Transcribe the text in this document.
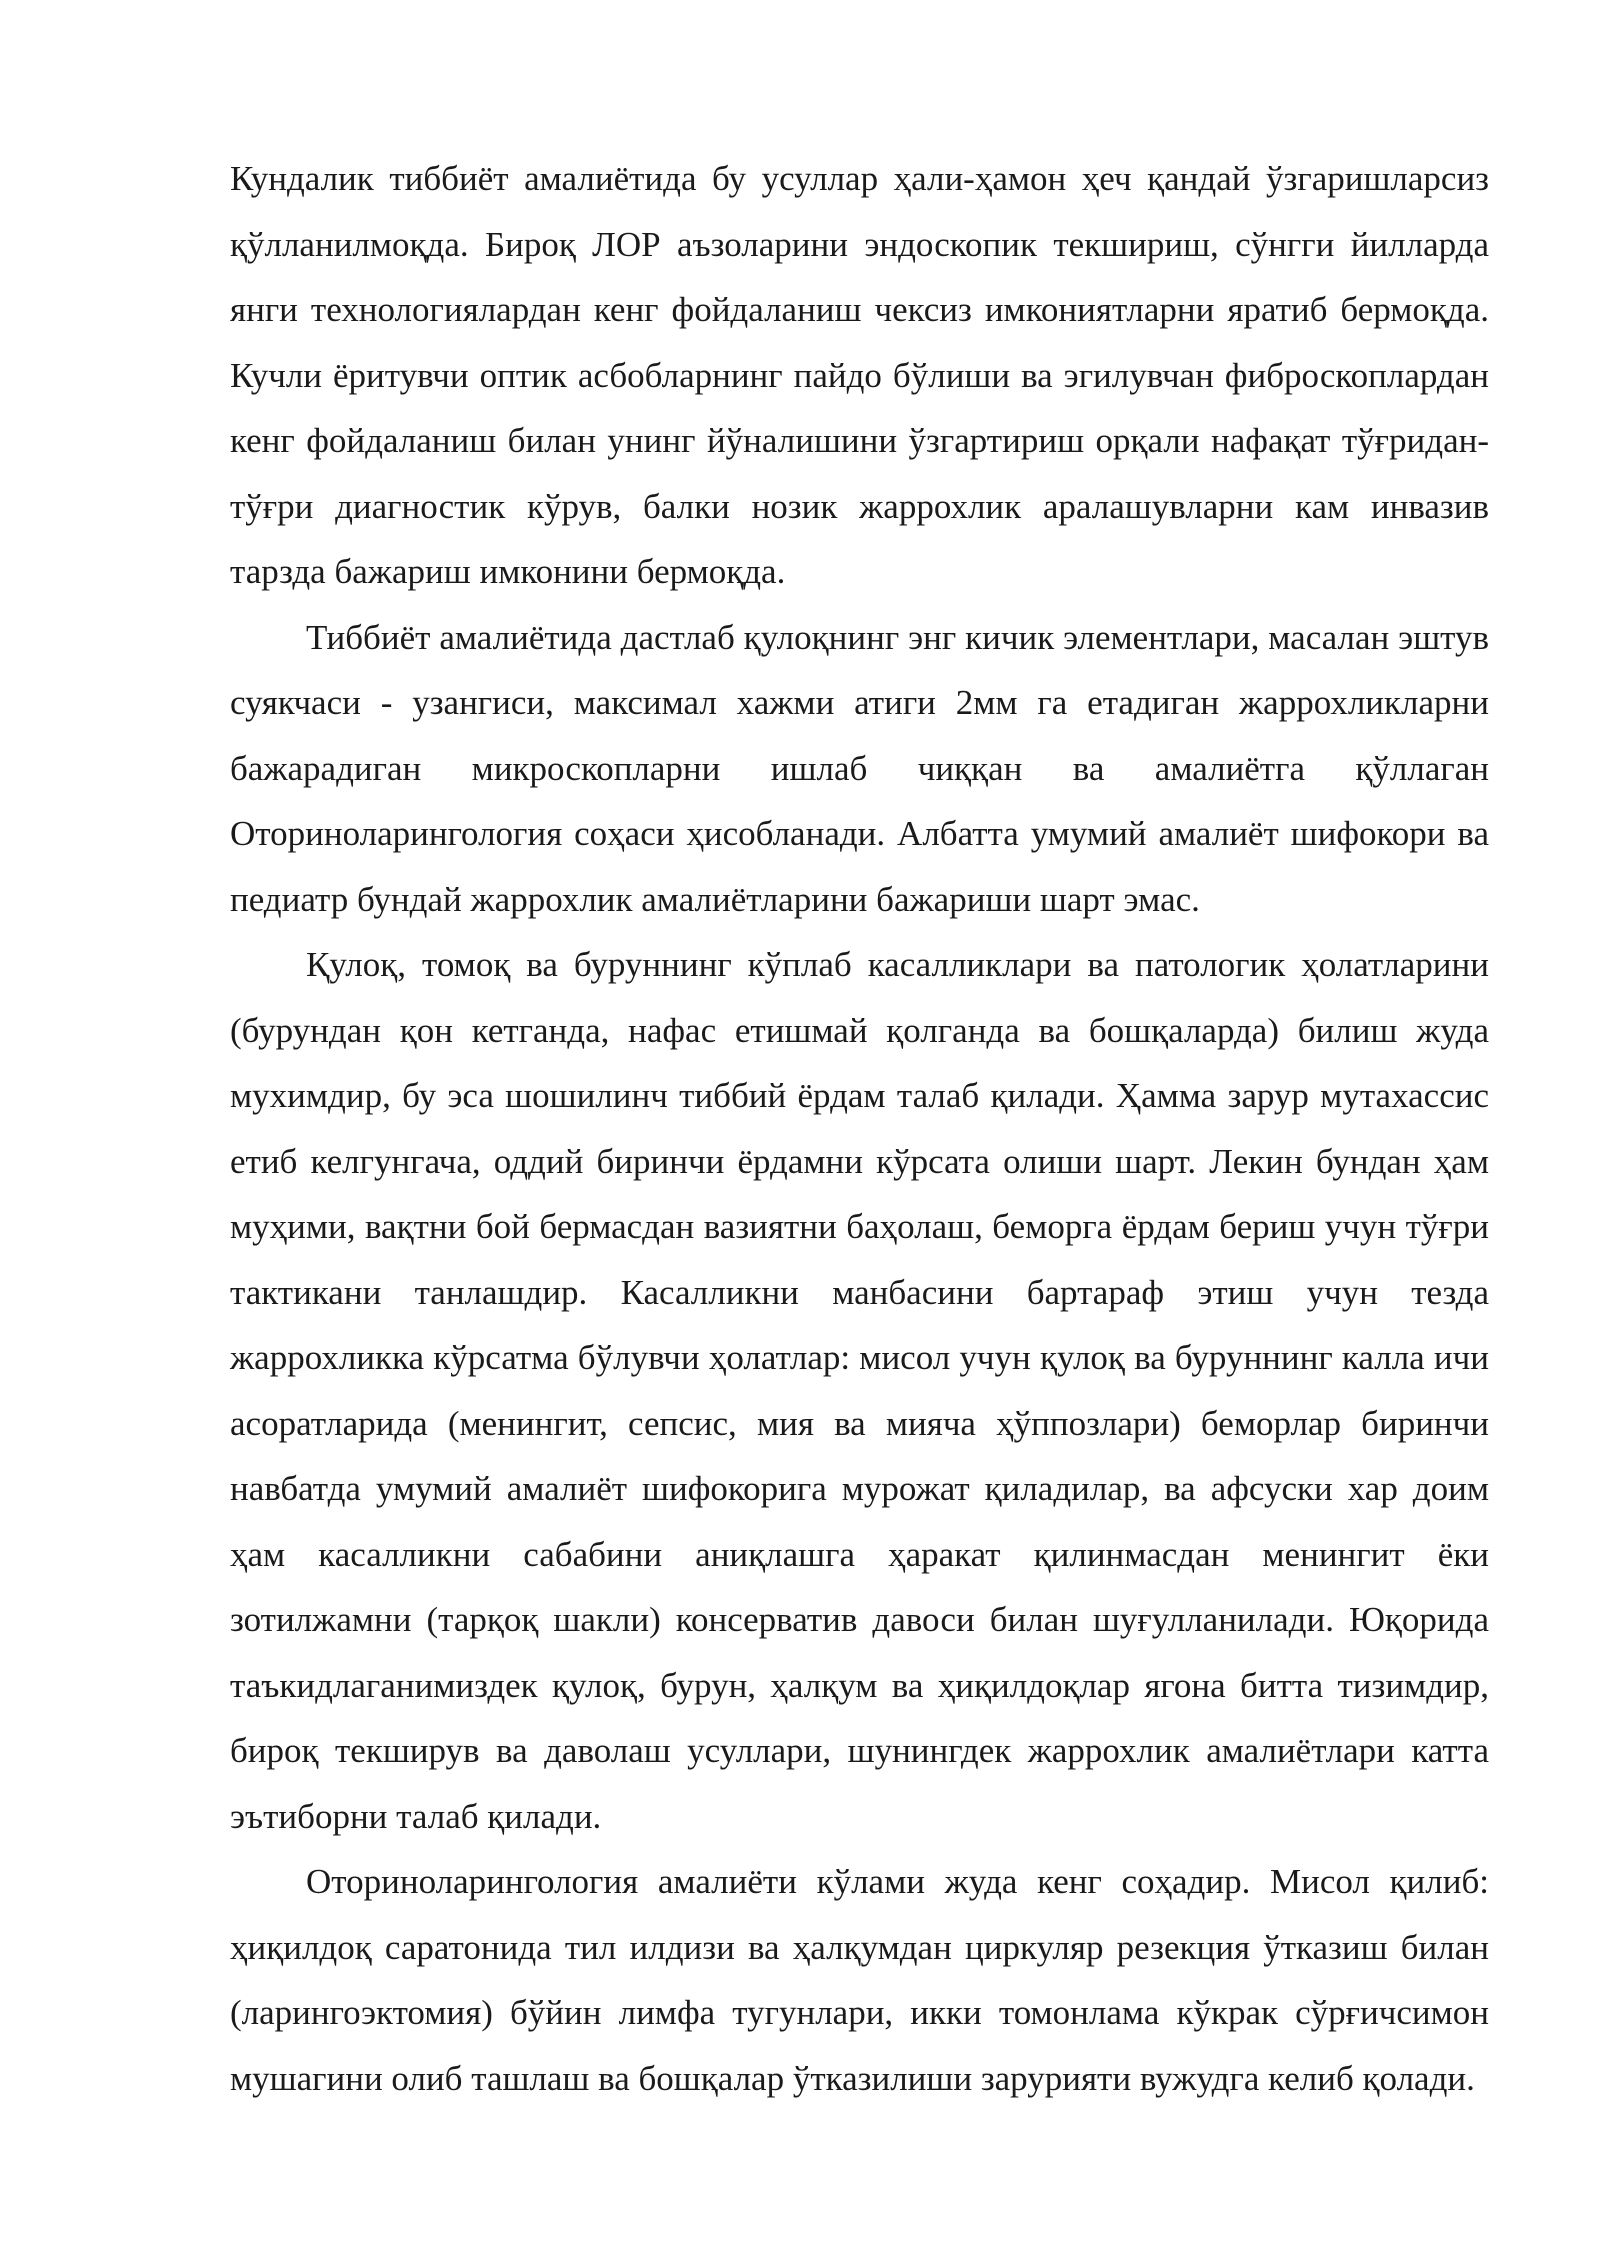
Кундалик тиббиёт амалиётида бу усуллар ҳали-ҳамон ҳеч қандай ўзгаришларсиз қўлланилмоқда. Бироқ ЛОР аъзоларини эндоскопик текшириш, сўнгги йилларда янги технологиялардан кенг фойдаланиш чексиз имкониятларни яратиб бермоқда. Кучли ёритувчи оптик асбобларнинг пайдо бўлиши ва эгилувчан фиброскоплардан кенг фойдаланиш билан унинг йўналишини ўзгартириш орқали нафақат тўғридан-тўғри диагностик кўрув, балки нозик жаррохлик аралашувларни кам инвазив тарзда бажариш имконини бермоқда.

Тиббиёт амалиётида дастлаб қулоқнинг энг кичик элементлари, масалан эштув суякчаси - узангиси, максимал хажми атиги 2мм га етадиган жаррохликларни бажарадиган микроскопларни ишлаб чиққан ва амалиётга қўллаган Оториноларингология соҳаси ҳисобланади. Албатта умумий амалиёт шифокори ва педиатр бундай жаррохлик амалиётларини бажариши шарт эмас.

Қулоқ, томоқ ва буруннинг кўплаб касалликлари ва патологик ҳолатларини (бурундан қон кетганда, нафас етишмай қолганда ва бошқаларда) билиш жуда мухимдир, бу эса шошилинч тиббий ёрдам талаб қилади. Ҳамма зарур мутахассис етиб келгунгача, оддий биринчи ёрдамни кўрсата олиши шарт. Лекин бундан ҳам муҳими, вақтни бой бермасдан вазиятни баҳолаш, беморга ёрдам бериш учун тўғри тактикани танлашдир. Касалликни манбасини бартараф этиш учун тезда жаррохликка кўрсатма бўлувчи ҳолатлар: мисол учун қулоқ ва буруннинг калла ичи асоратларида (менингит, сепсис, мия ва мияча ҳўппозлари) беморлар биринчи навбатда умумий амалиёт шифокорига мурожат қиладилар, ва афсуски хар доим ҳам касалликни сабабини аниқлашга ҳаракат қилинмасдан менингит ёки зотилжамни (тарқоқ шакли) консерватив давоси билан шуғулланилади. Юқорида таъкидлаганимиздек қулоқ, бурун, ҳалқум ва ҳиқилдоқлар ягона битта тизимдир, бироқ текширув ва даволаш усуллари, шунингдек жаррохлик амалиётлари катта эътиборни талаб қилади.

Оториноларингология амалиёти кўлами жуда кенг соҳадир. Мисол қилиб: ҳиқилдоқ саратонида тил илдизи ва ҳалқумдан циркуляр резекция ўтказиш билан (ларингоэктомия) бўйин лимфа тугунлари, икки томонлама кўкрак сўрғичсимон мушагини олиб ташлаш ва бошқалар ўтказилиши зарурияти вужудга келиб қолади.
